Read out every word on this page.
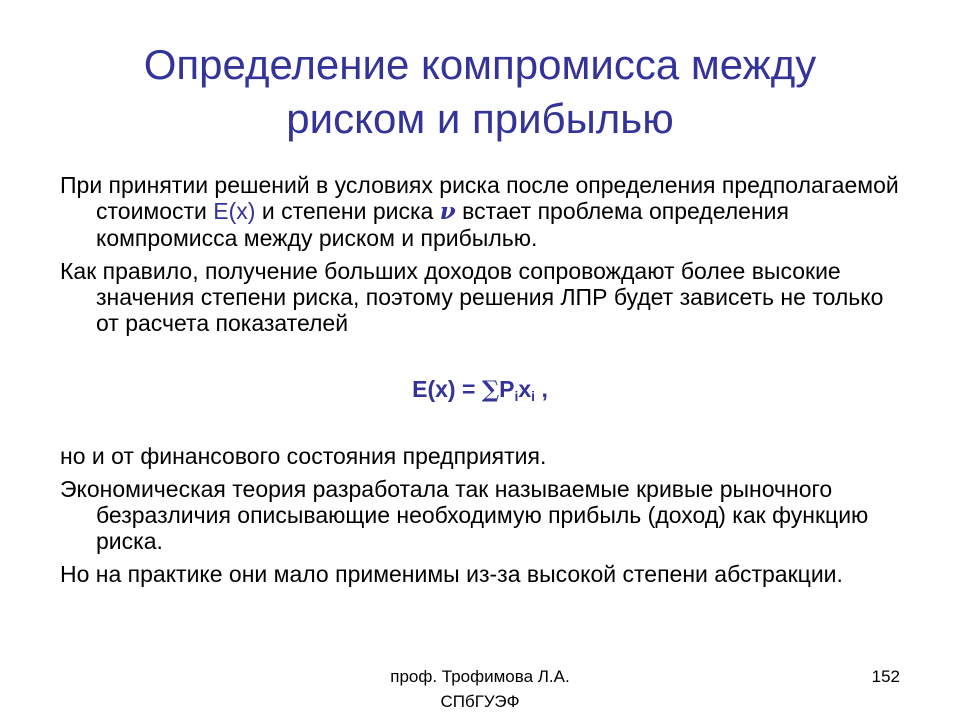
Определение компромисса между
риском и прибылью

При принятии решений в условиях риска после определения предполагаемой стоимости E(x) и степени риска ν встает проблема определения компромисса между риском и прибылью.

Как правило, получение больших доходов сопровождают более высокие значения степени риска, поэтому решения ЛПР будет зависеть не только от расчета показателей

$E(x) = \sum P_ix_i$ ,

но и от финансового состояния предприятия.

Экономическая теория разработала так называемые кривые рыночного безразличия описывающие необходимую прибыль (доход) как функцию риска.

Но на практике они мало применимы из-за высокой степени абстракции.

проф. Трофимова Л.А.
СПбГУЭФ
152
